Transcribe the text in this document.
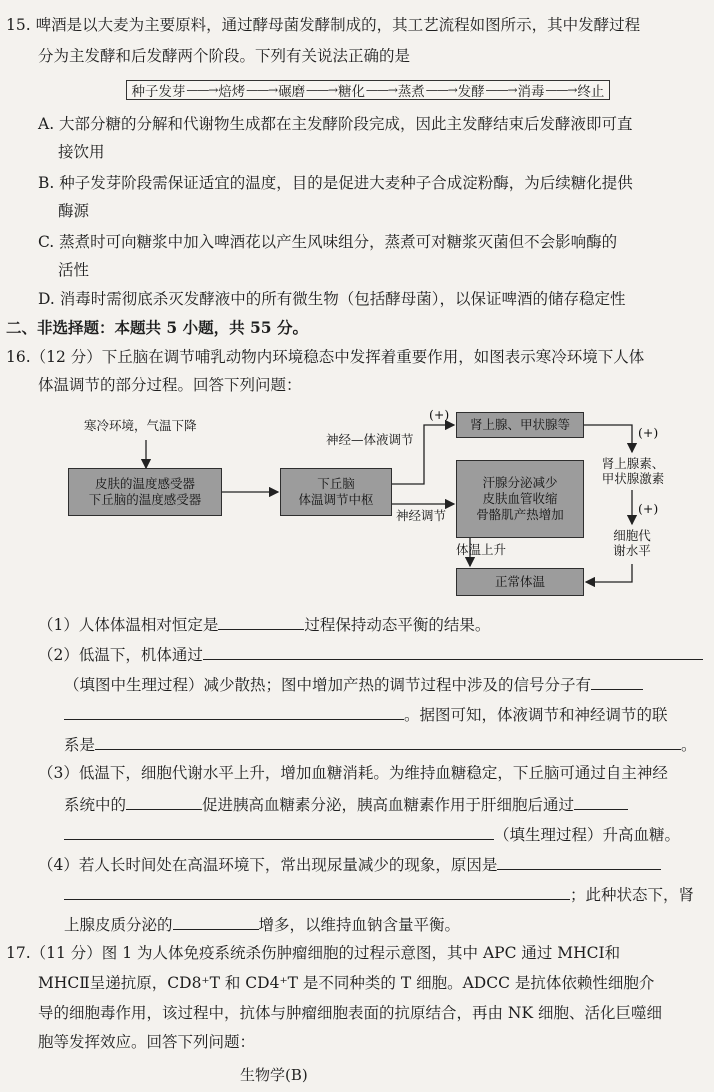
15. 啤酒是以大麦为主要原料，通过酵母菌发酵制成的，其工艺流程如图所示，其中发酵过程
分为主发酵和后发酵两个阶段。下列有关说法正确的是
种子发芽 ——→ 焙烤 ——→ 碾磨 ——→ 糖化 ——→ 蒸煮 ——→ 发酵 ——→ 消毒 ——→ 终止
A. 大部分糖的分解和代谢物生成都在主发酵阶段完成，因此主发酵结束后发酵液即可直
接饮用
B. 种子发芽阶段需保证适宜的温度，目的是促进大麦种子合成淀粉酶，为后续糖化提供
酶源
C. 蒸煮时可向糖浆中加入啤酒花以产生风味组分，蒸煮可对糖浆灭菌但不会影响酶的
活性
D. 消毒时需彻底杀灭发酵液中的所有微生物（包括酵母菌），以保证啤酒的储存稳定性
二、非选择题：本题共 5 小题，共 55 分。
16.（12 分）下丘脑在调节哺乳动物内环境稳态中发挥着重要作用，如图表示寒冷环境下人体
体温调节的部分过程。回答下列问题：
寒冷环境，气温下降
皮肤的温度感受器
下丘脑的温度感受器
下丘脑
体温调节中枢
神经—体液调节
神经调节
(+)
肾上腺、甲状腺等
(+)
汗腺分泌减少
皮肤血管收缩
骨骼肌产热增加
肾上腺素、
甲状腺激素
(+)
细胞代
谢水平
体温上升
正常体温
（1）人体体温相对恒定是	过程保持动态平衡的结果。
（2）低温下，机体通过
（填图中生理过程）减少散热；图中增加产热的调节过程中涉及的信号分子有
。据图可知，体液调节和神经调节的联
系是	。
（3）低温下，细胞代谢水平上升，增加血糖消耗。为维持血糖稳定，下丘脑可通过自主神经
系统中的	促进胰高血糖素分泌，胰高血糖素作用于肝细胞后通过
（填生理过程）升高血糖。
（4）若人长时间处在高温环境下，常出现尿量减少的现象，原因是
；此种状态下，肾
上腺皮质分泌的	增多，以维持血钠含量平衡。
17.（11 分）图 1 为人体免疫系统杀伤肿瘤细胞的过程示意图，其中 APC 通过 MHCⅠ和
MHCⅡ呈递抗原，CD8⁺T 和 CD4⁺T 是不同种类的 T 细胞。ADCC 是抗体依赖性细胞介
导的细胞毒作用，该过程中，抗体与肿瘤细胞表面的抗原结合，再由 NK 细胞、活化巨噬细
胞等发挥效应。回答下列问题：
生物学(B)
